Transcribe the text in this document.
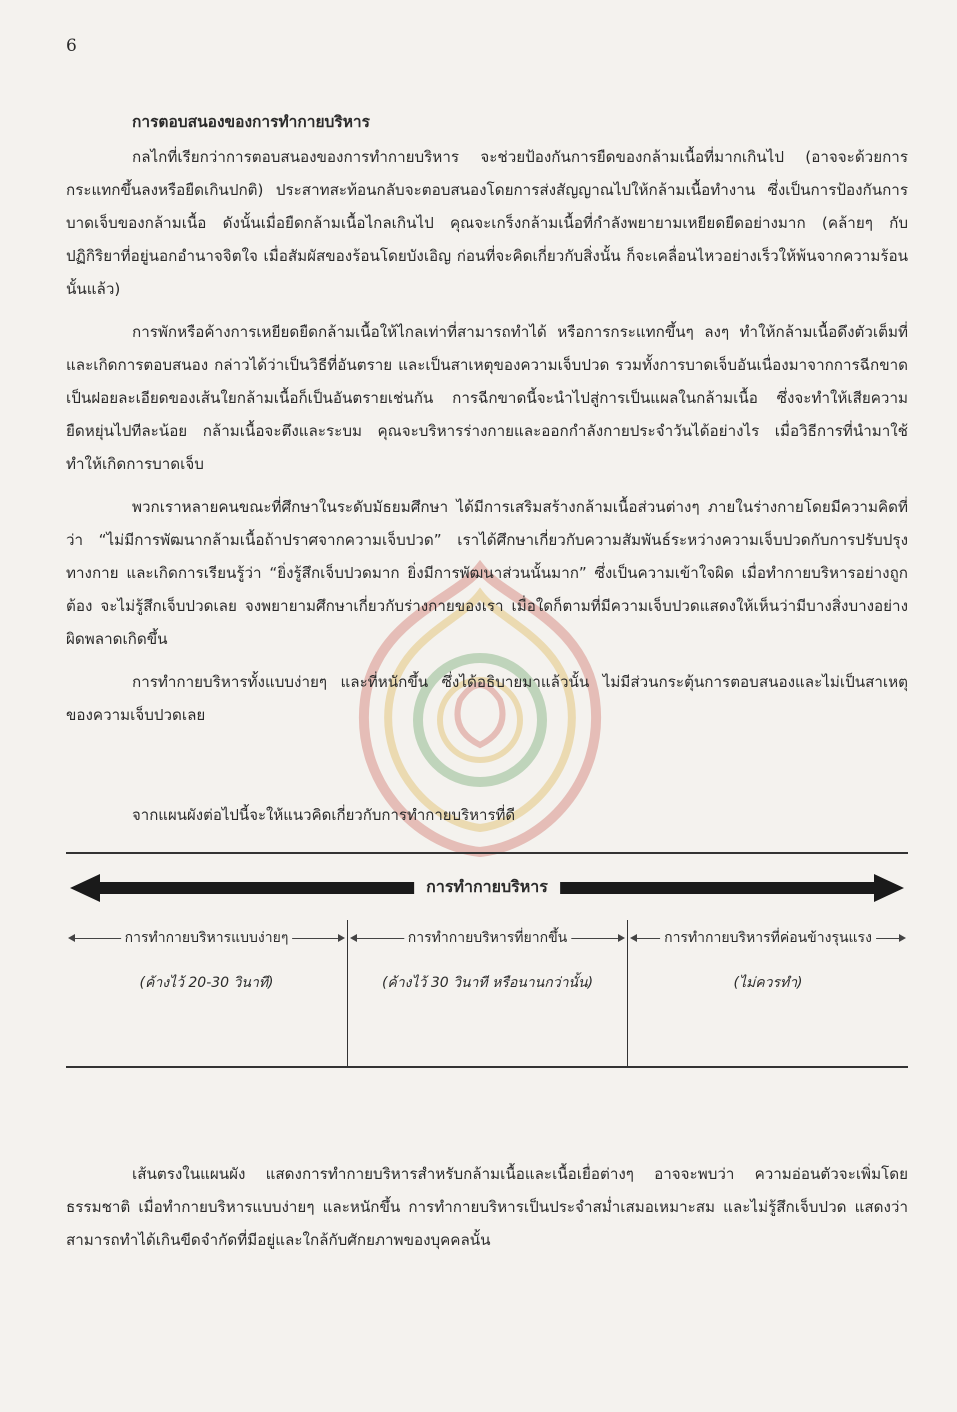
6
การตอบสนองของการทำกายบริหาร

กลไกที่เรียกว่าการตอบสนองของการทำกายบริหาร จะช่วยป้องกันการยืดของกล้ามเนื้อที่มากเกินไป (อาจจะด้วยการกระแทกขึ้นลงหรือยืดเกินปกติ) ประสาทสะท้อนกลับจะตอบสนองโดยการส่งสัญญาณไปให้กล้ามเนื้อทำงาน ซึ่งเป็นการป้องกันการบาดเจ็บของกล้ามเนื้อ ดังนั้นเมื่อยืดกล้ามเนื้อไกลเกินไป คุณจะเกร็งกล้ามเนื้อที่กำลังพยายามเหยียดยืดอย่างมาก (คล้ายๆ กับปฏิกิริยาที่อยู่นอกอำนาจจิตใจ เมื่อสัมผัสของร้อนโดยบังเอิญ ก่อนที่จะคิดเกี่ยวกับสิ่งนั้น ก็จะเคลื่อนไหวอย่างเร็วให้พ้นจากความร้อนนั้นแล้ว)

การพักหรือค้างการเหยียดยืดกล้ามเนื้อให้ไกลเท่าที่สามารถทำได้ หรือการกระแทกขึ้นๆ ลงๆ ทำให้กล้ามเนื้อดึงตัวเต็มที่และเกิดการตอบสนอง กล่าวได้ว่าเป็นวิธีที่อันตราย และเป็นสาเหตุของความเจ็บปวด รวมทั้งการบาดเจ็บอันเนื่องมาจากการฉีกขาดเป็นฝอยละเอียดของเส้นใยกล้ามเนื้อก็เป็นอันตรายเช่นกัน การฉีกขาดนี้จะนำไปสู่การเป็นแผลในกล้ามเนื้อ ซึ่งจะทำให้เสียความยืดหยุ่นไปทีละน้อย กล้ามเนื้อจะตึงและระบม คุณจะบริหารร่างกายและออกกำลังกายประจำวันได้อย่างไร เมื่อวิธีการที่นำมาใช้ทำให้เกิดการบาดเจ็บ

พวกเราหลายคนขณะที่ศึกษาในระดับมัธยมศึกษา ได้มีการเสริมสร้างกล้ามเนื้อส่วนต่างๆ ภายในร่างกายโดยมีความคิดที่ว่า “ไม่มีการพัฒนากล้ามเนื้อถ้าปราศจากความเจ็บปวด” เราได้ศึกษาเกี่ยวกับความสัมพันธ์ระหว่างความเจ็บปวดกับการปรับปรุงทางกาย และเกิดการเรียนรู้ว่า “ยิ่งรู้สึกเจ็บปวดมาก ยิ่งมีการพัฒนาส่วนนั้นมาก” ซึ่งเป็นความเข้าใจผิด เมื่อทำกายบริหารอย่างถูกต้อง จะไม่รู้สึกเจ็บปวดเลย จงพยายามศึกษาเกี่ยวกับร่างกายของเรา เมื่อใดก็ตามที่มีความเจ็บปวดแสดงให้เห็นว่ามีบางสิ่งบางอย่างผิดพลาดเกิดขึ้น

การทำกายบริหารทั้งแบบง่ายๆ และที่หนักขึ้น ซึ่งได้อธิบายมาแล้วนั้น ไม่มีส่วนกระตุ้นการตอบสนองและไม่เป็นสาเหตุของความเจ็บปวดเลย

จากแผนผังต่อไปนี้จะให้แนวคิดเกี่ยวกับการทำกายบริหารที่ดี
การทำกายบริหาร
การทำกายบริหารแบบง่ายๆ
(ค้างไว้ 20-30 วินาที)
การทำกายบริหารที่ยากขึ้น
(ค้างไว้ 30 วินาที หรือนานกว่านั้น)
การทำกายบริหารที่ค่อนข้างรุนแรง
(ไม่ควรทำ)

เส้นตรงในแผนผัง แสดงการทำกายบริหารสำหรับกล้ามเนื้อและเนื้อเยื่อต่างๆ อาจจะพบว่า ความอ่อนตัวจะเพิ่มโดยธรรมชาติ เมื่อทำกายบริหารแบบง่ายๆ และหนักขึ้น การทำกายบริหารเป็นประจำสม่ำเสมอเหมาะสม และไม่รู้สึกเจ็บปวด แสดงว่าสามารถทำได้เกินขีดจำกัดที่มีอยู่และใกล้กับศักยภาพของบุคคลนั้น
